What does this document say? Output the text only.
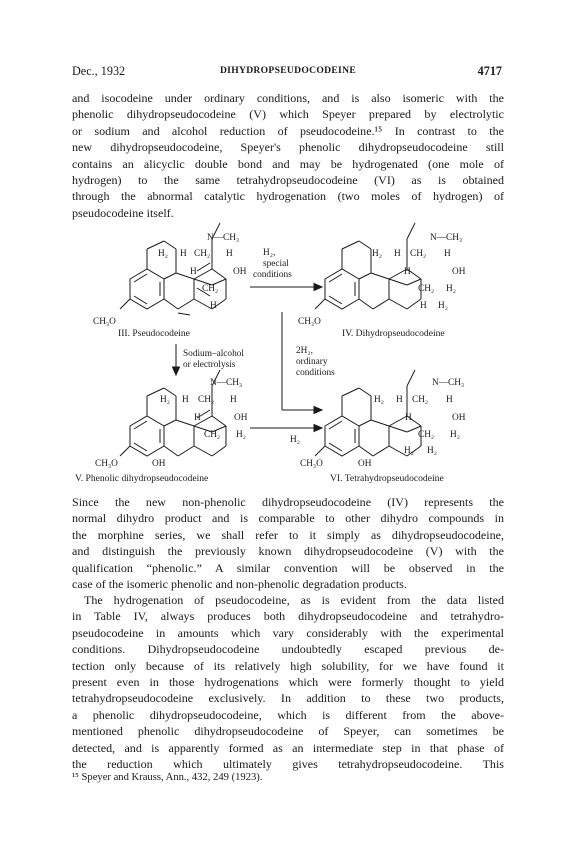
Dec., 1932	DIHYDROPSEUDOCODEINE	4717
and isocodeine under ordinary conditions, and is also isomeric with the
phenolic dihydropseudocodeine (V) which Speyer prepared by electrolytic
or sodium and alcohol reduction of pseudocodeine.¹⁵ In contrast to the
new dihydropseudocodeine, Speyer's phenolic dihydropseudocodeine still
contains an alicyclic double bond and may be hydrogenated (one mole of
hydrogen) to the same tetrahydropseudocodeine (VI) as is obtained
through the abnormal catalytic hydrogenation (two moles of hydrogen) of
pseudocodeine itself.
N—CH₃
H₂ H CH₂ H
H	OH
CH₂
H
CH₃O
N—CH₃
H₂ H CH₂ H
H	OH
CH₂ H₂
H H₂
CH₃O
N—CH₃
H₂ H CH₂ H
H	OH
CH₂ H₂
CH₃O	OH
N—CH₃
H₂ H CH₂ H
H	OH
CH₂ H₂
H₂ H₂
CH₃O	OH
H₂,
special
conditions
Sodium–alcohol
or electrolysis
2H₂,
ordinary
conditions
H₂
III. Pseudocodeine	IV. Dihydropseudocodeine
V. Phenolic dihydropseudocodeine	VI. Tetrahydropseudocodeine
Since the new non-phenolic dihydropseudocodeine (IV) represents the
normal dihydro product and is comparable to other dihydro compounds in
the morphine series, we shall refer to it simply as dihydropseudocodeine,
and distinguish the previously known dihydropseudocodeine (V) with the
qualification “phenolic.” A similar convention will be observed in the
case of the isomeric phenolic and non-phenolic degradation products.
The hydrogenation of pseudocodeine, as is evident from the data listed
in Table IV, always produces both dihydropseudocodeine and tetrahydro-
pseudocodeine in amounts which vary considerably with the experimental
conditions. Dihydropseudocodeine undoubtedly escaped previous de-
tection only because of its relatively high solubility, for we have found it
present even in those hydrogenations which were formerly thought to yield
tetrahydropseudocodeine exclusively. In addition to these two products,
a phenolic dihydropseudocodeine, which is different from the above-
mentioned phenolic dihydropseudocodeine of Speyer, can sometimes be
detected, and is apparently formed as an intermediate step in that phase of
the reduction which ultimately gives tetrahydropseudocodeine. This
¹⁵ Speyer and Krauss, Ann., 432, 249 (1923).
